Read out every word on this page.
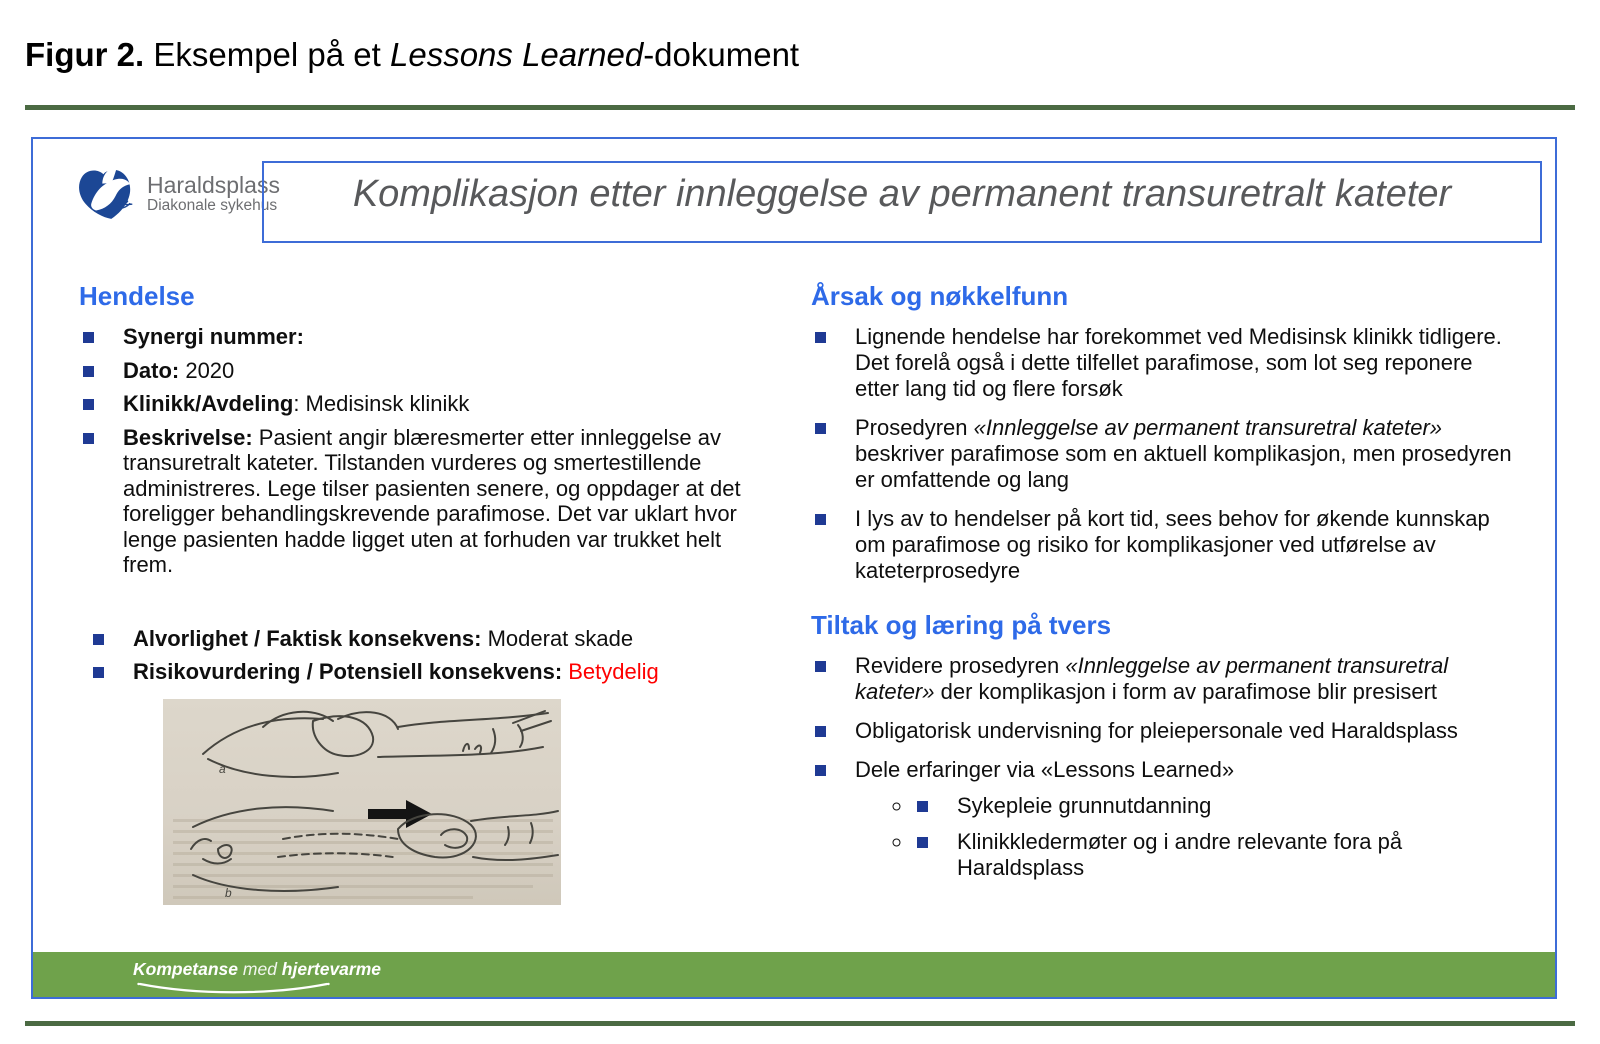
Figur 2. Eksempel på et Lessons Learned-dokument
Haraldsplass
Diakonale sykehus Komplikasjon etter innleggelse av permanent transuretralt kateter
Hendelse
Synergi nummer:
Dato: 2020
Klinikk/Avdeling: Medisinsk klinikk
Beskrivelse: Pasient angir blæresmerter etter innleggelse av transuretralt kateter. Tilstanden vurderes og smertestillende administreres. Lege tilser pasienten senere, og oppdager at det foreligger behandlingskrevende parafimose. Det var uklart hvor lenge pasienten hadde ligget uten at forhuden var trukket helt frem.
Alvorlighet / Faktisk konsekvens: Moderat skade
Risikovurdering / Potensiell konsekvens: Betydelig
a
b
Årsak og nøkkelfunn
Lignende hendelse har forekommet ved Medisinsk klinikk tidligere. Det forelå også i dette tilfellet parafimose, som lot seg reponere etter lang tid og flere forsøk
Prosedyren «Innleggelse av permanent transuretral kateter» beskriver parafimose som en aktuell komplikasjon, men prosedyren er omfattende og lang
I lys av to hendelser på kort tid, sees behov for økende kunnskap om parafimose og risiko for komplikasjoner ved utførelse av kateterprosedyre
Tiltak og læring på tvers
Revidere prosedyren «Innleggelse av permanent transuretral kateter» der komplikasjon i form av parafimose blir presisert
Obligatorisk undervisning for pleiepersonale ved Haraldsplass
Dele erfaringer via «Lessons Learned»
◦ Sykepleie grunnutdanning
◦ Klinikkledermøter og i andre relevante fora på Haraldsplass
Kompetanse med hjertevarme
